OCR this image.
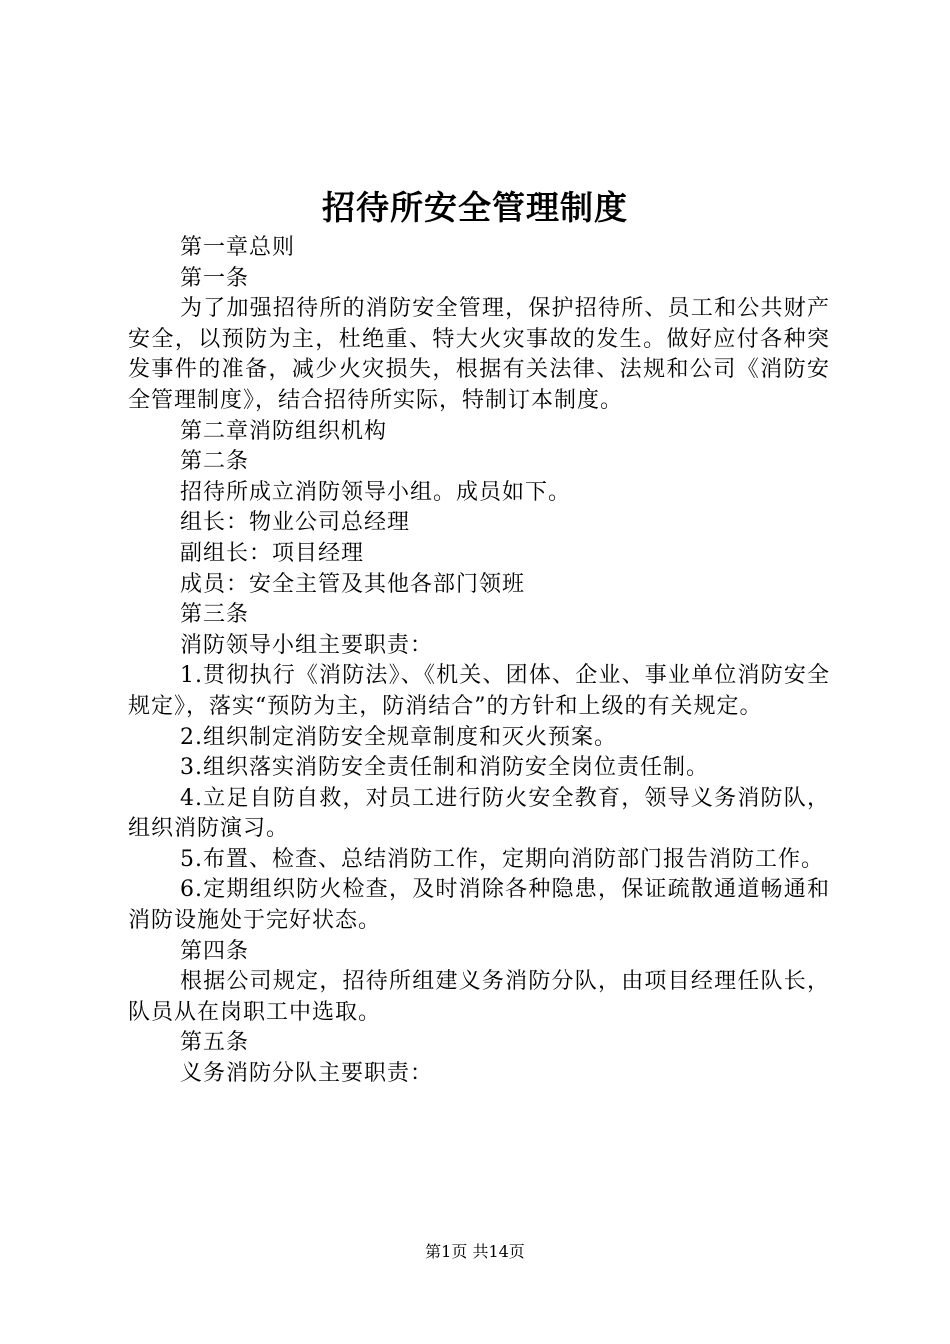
招待所安全管理制度

第一章总则

第一条

为了加强招待所的消防安全管理，保护招待所、员工和公共财产安全，以预防为主，杜绝重、特大火灾事故的发生。做好应付各种突发事件的准备，减少火灾损失，根据有关法律、法规和公司《消防安全管理制度》，结合招待所实际，特制订本制度。

第二章消防组织机构

第二条

招待所成立消防领导小组。成员如下。

组长：物业公司总经理

副组长：项目经理

成员：安全主管及其他各部门领班

第三条

消防领导小组主要职责：

1.贯彻执行《消防法》、《机关、团体、企业、事业单位消防安全规定》，落实“预防为主，防消结合”的方针和上级的有关规定。

2.组织制定消防安全规章制度和灭火预案。

3.组织落实消防安全责任制和消防安全岗位责任制。

4.立足自防自救，对员工进行防火安全教育，领导义务消防队，组织消防演习。

5.布置、检查、总结消防工作，定期向消防部门报告消防工作。

6.定期组织防火检查，及时消除各种隐患，保证疏散通道畅通和消防设施处于完好状态。

第四条

根据公司规定，招待所组建义务消防分队，由项目经理任队长，队员从在岗职工中选取。

第五条

义务消防分队主要职责：

第1页 共14页
